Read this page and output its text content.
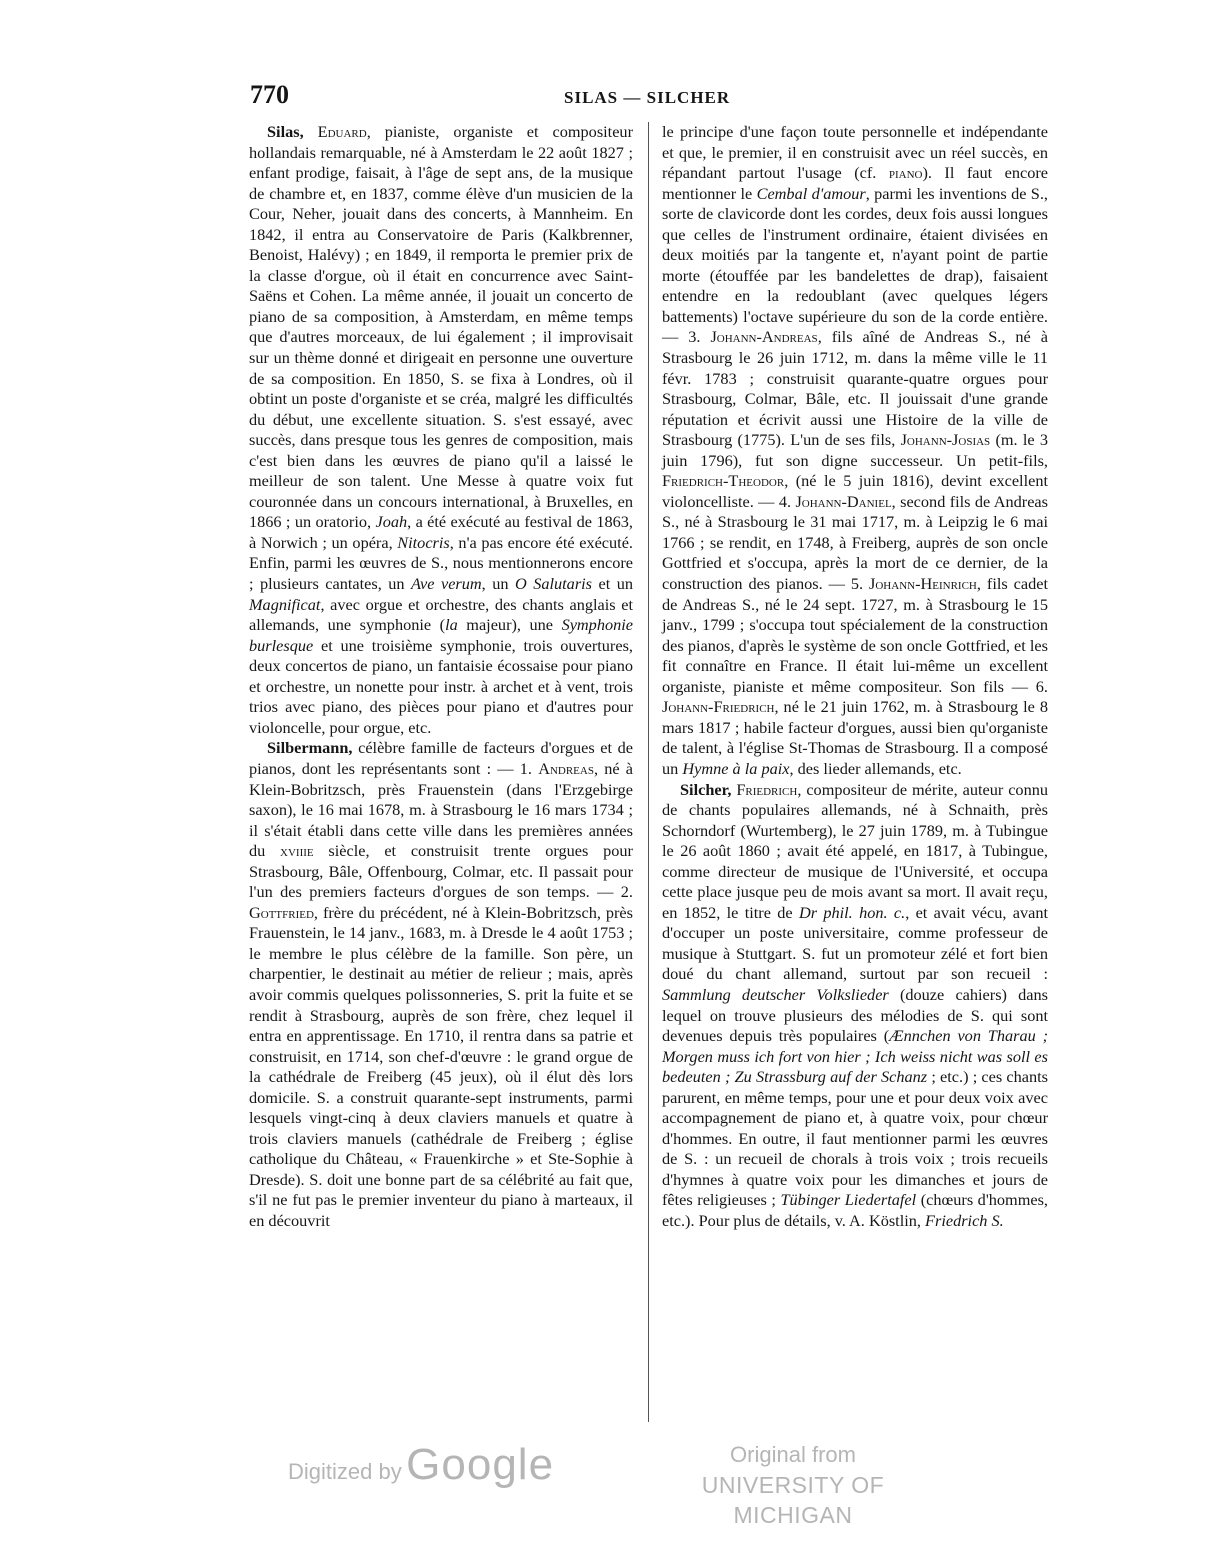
770	SILAS — SILCHER

Silas, Eduard, pianiste, organiste et compositeur hollandais remarquable, né à Amsterdam le 22 août 1827 ; enfant prodige, faisait, à l'âge de sept ans, de la musique de chambre et, en 1837, comme élève d'un musicien de la Cour, Neher, jouait dans des concerts, à Mannheim. En 1842, il entra au Conservatoire de Paris (Kalkbrenner, Benoist, Halévy) ; en 1849, il remporta le premier prix de la classe d'orgue, où il était en concurrence avec Saint-Saëns et Cohen. La même année, il jouait un concerto de piano de sa composition, à Amsterdam, en même temps que d'autres morceaux, de lui également ; il improvisait sur un thème donné et dirigeait en personne une ouverture de sa composition. En 1850, S. se fixa à Londres, où il obtint un poste d'organiste et se créa, malgré les difficultés du début, une excellente situation. S. s'est essayé, avec succès, dans presque tous les genres de composition, mais c'est bien dans les œuvres de piano qu'il a laissé le meilleur de son talent. Une Messe à quatre voix fut couronnée dans un concours international, à Bruxelles, en 1866 ; un oratorio, Joah, a été exécuté au festival de 1863, à Norwich ; un opéra, Nitocris, n'a pas encore été exécuté. Enfin, parmi les œuvres de S., nous mentionnerons encore ; plusieurs cantates, un Ave verum, un O Salutaris et un Magnificat, avec orgue et orchestre, des chants anglais et allemands, une symphonie (la majeur), une Symphonie burlesque et une troisième symphonie, trois ouvertures, deux concertos de piano, un fantaisie écossaise pour piano et orchestre, un nonette pour instr. à archet et à vent, trois trios avec piano, des pièces pour piano et d'autres pour violoncelle, pour orgue, etc.

Silbermann, célèbre famille de facteurs d'orgues et de pianos, dont les représentants sont : — 1. Andreas, né à Klein-Bobritzsch, près Frauenstein (dans l'Erzgebirge saxon), le 16 mai 1678, m. à Strasbourg le 16 mars 1734 ; il s'était établi dans cette ville dans les premières années du xviiie siècle, et construisit trente orgues pour Strasbourg, Bâle, Offenbourg, Colmar, etc. Il passait pour l'un des premiers facteurs d'orgues de son temps. — 2. Gottfried, frère du précédent, né à Klein-Bobritzsch, près Frauenstein, le 14 janv., 1683, m. à Dresde le 4 août 1753 ; le membre le plus célèbre de la famille. Son père, un charpentier, le destinait au métier de relieur ; mais, après avoir commis quelques polissonneries, S. prit la fuite et se rendit à Strasbourg, auprès de son frère, chez lequel il entra en apprentissage. En 1710, il rentra dans sa patrie et construisit, en 1714, son chef-d'œuvre : le grand orgue de la cathédrale de Freiberg (45 jeux), où il élut dès lors domicile. S. a construit quarante-sept instruments, parmi lesquels vingt-cinq à deux claviers manuels et quatre à trois claviers manuels (cathédrale de Freiberg ; église catholique du Château, « Frauenkirche » et Ste-Sophie à Dresde). S. doit une bonne part de sa célébrité au fait que, s'il ne fut pas le premier inventeur du piano à marteaux, il en découvrit

le principe d'une façon toute personnelle et indépendante et que, le premier, il en construisit avec un réel succès, en répandant partout l'usage (cf. piano). Il faut encore mentionner le Cembal d'amour, parmi les inventions de S., sorte de clavicorde dont les cordes, deux fois aussi longues que celles de l'instrument ordinaire, étaient divisées en deux moitiés par la tangente et, n'ayant point de partie morte (étouffée par les bandelettes de drap), faisaient entendre en la redoublant (avec quelques légers battements) l'octave supérieure du son de la corde entière. — 3. Johann-Andreas, fils aîné de Andreas S., né à Strasbourg le 26 juin 1712, m. dans la même ville le 11 févr. 1783 ; construisit quarante-quatre orgues pour Strasbourg, Colmar, Bâle, etc. Il jouissait d'une grande réputation et écrivit aussi une Histoire de la ville de Strasbourg (1775). L'un de ses fils, Johann-Josias (m. le 3 juin 1796), fut son digne successeur. Un petit-fils, Friedrich-Theodor, (né le 5 juin 1816), devint excellent violoncelliste. — 4. Johann-Daniel, second fils de Andreas S., né à Strasbourg le 31 mai 1717, m. à Leipzig le 6 mai 1766 ; se rendit, en 1748, à Freiberg, auprès de son oncle Gottfried et s'occupa, après la mort de ce dernier, de la construction des pianos. — 5. Johann-Heinrich, fils cadet de Andreas S., né le 24 sept. 1727, m. à Strasbourg le 15 janv., 1799 ; s'occupa tout spécialement de la construction des pianos, d'après le système de son oncle Gottfried, et les fit connaître en France. Il était lui-même un excellent organiste, pianiste et même compositeur. Son fils — 6. Johann-Friedrich, né le 21 juin 1762, m. à Strasbourg le 8 mars 1817 ; habile facteur d'orgues, aussi bien qu'organiste de talent, à l'église St-Thomas de Strasbourg. Il a composé un Hymne à la paix, des lieder allemands, etc.

Silcher, Friedrich, compositeur de mérite, auteur connu de chants populaires allemands, né à Schnaith, près Schorndorf (Wurtemberg), le 27 juin 1789, m. à Tubingue le 26 août 1860 ; avait été appelé, en 1817, à Tubingue, comme directeur de musique de l'Université, et occupa cette place jusque peu de mois avant sa mort. Il avait reçu, en 1852, le titre de Dr phil. hon. c., et avait vécu, avant d'occuper un poste universitaire, comme professeur de musique à Stuttgart. S. fut un promoteur zélé et fort bien doué du chant allemand, surtout par son recueil : Sammlung deutscher Volkslieder (douze cahiers) dans lequel on trouve plusieurs des mélodies de S. qui sont devenues depuis très populaires (Ænnchen von Tharau ; Morgen muss ich fort von hier ; Ich weiss nicht was soll es bedeuten ; Zu Strassburg auf der Schanz ; etc.) ; ces chants parurent, en même temps, pour une et pour deux voix avec accompagnement de piano et, à quatre voix, pour chœur d'hommes. En outre, il faut mentionner parmi les œuvres de S. : un recueil de chorals à trois voix ; trois recueils d'hymnes à quatre voix pour les dimanches et jours de fêtes religieuses ; Tübinger Liedertafel (chœurs d'hommes, etc.). Pour plus de détails, v. A. Köstlin, Friedrich S.

Digitized by Google	Original from
UNIVERSITY OF MICHIGAN
